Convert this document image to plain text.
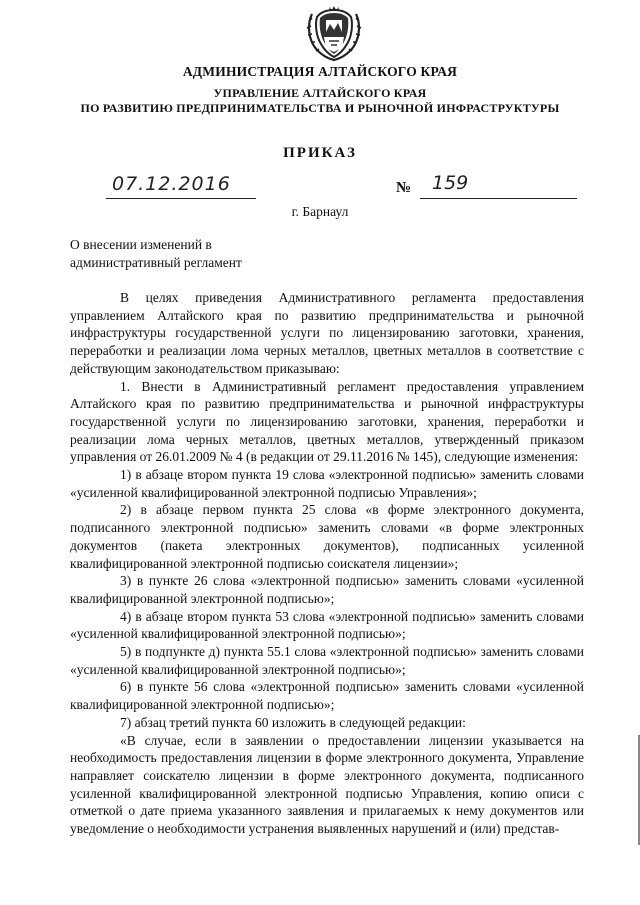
АДМИНИСТРАЦИЯ АЛТАЙСКОГО КРАЯ
УПРАВЛЕНИЕ АЛТАЙСКОГО КРАЯ
ПО РАЗВИТИЮ ПРЕДПРИНИМАТЕЛЬСТВА И РЫНОЧНОЙ ИНФРАСТРУКТУРЫ
ПРИКАЗ
07.12.2016	№ 159
г. Барнаул
О внесении изменений в
административный регламент

В целях приведения Административного регламента предоставления управлением Алтайского края по развитию предпринимательства и рыночной инфраструктуры государственной услуги по лицензированию заготовки, хранения, переработки и реализации лома черных металлов, цветных металлов в соответствие с действующим законодательством приказываю:

1. Внести в Административный регламент предоставления управлением Алтайского края по развитию предпринимательства и рыночной инфраструктуры государственной услуги по лицензированию заготовки, хранения, переработки и реализации лома черных металлов, цветных металлов, утвержденный приказом управления от 26.01.2009 № 4 (в редакции от 29.11.2016 № 145), следующие изменения:

1) в абзаце втором пункта 19 слова «электронной подписью» заменить словами «усиленной квалифицированной электронной подписью Управления»;

2) в абзаце первом пункта 25 слова «в форме электронного документа, подписанного электронной подписью» заменить словами «в форме электронных документов (пакета электронных документов), подписанных усиленной квалифицированной электронной подписью соискателя лицензии»;

3) в пункте 26 слова «электронной подписью» заменить словами «усиленной квалифицированной электронной подписью»;

4) в абзаце втором пункта 53 слова «электронной подписью» заменить словами «усиленной квалифицированной электронной подписью»;

5) в подпункте д) пункта 55.1 слова «электронной подписью» заменить словами «усиленной квалифицированной электронной подписью»;

6) в пункте 56 слова «электронной подписью» заменить словами «усиленной квалифицированной электронной подписью»;

7) абзац третий пункта 60 изложить в следующей редакции:

«В случае, если в заявлении о предоставлении лицензии указывается на необходимость предоставления лицензии в форме электронного документа, Управление направляет соискателю лицензии в форме электронного документа, подписанного усиленной квалифицированной электронной подписью Управления, копию описи с отметкой о дате приема указанного заявления и прилагаемых к нему документов или уведомление о необходимости устранения выявленных нарушений и (или) представ-
